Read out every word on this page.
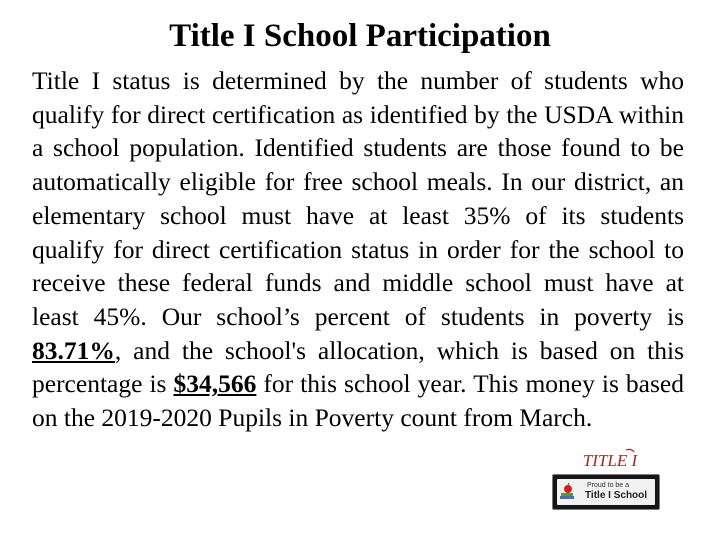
Title I School Participation

Title I status is determined by the number of students who qualify for direct certification as identified by the USDA within a school population. Identified students are those found to be automatically eligible for free school meals. In our district, an elementary school must have at least 35% of its students qualify for direct certification status in order for the school to receive these federal funds and middle school must have at least 45%. Our school’s percent of students in poverty is 83.71%, and the school's allocation, which is based on this percentage is $34,566 for this school year. This money is based on the 2019-2020 Pupils in Poverty count from March.

TITLE I
Proud to be a
Title I School
